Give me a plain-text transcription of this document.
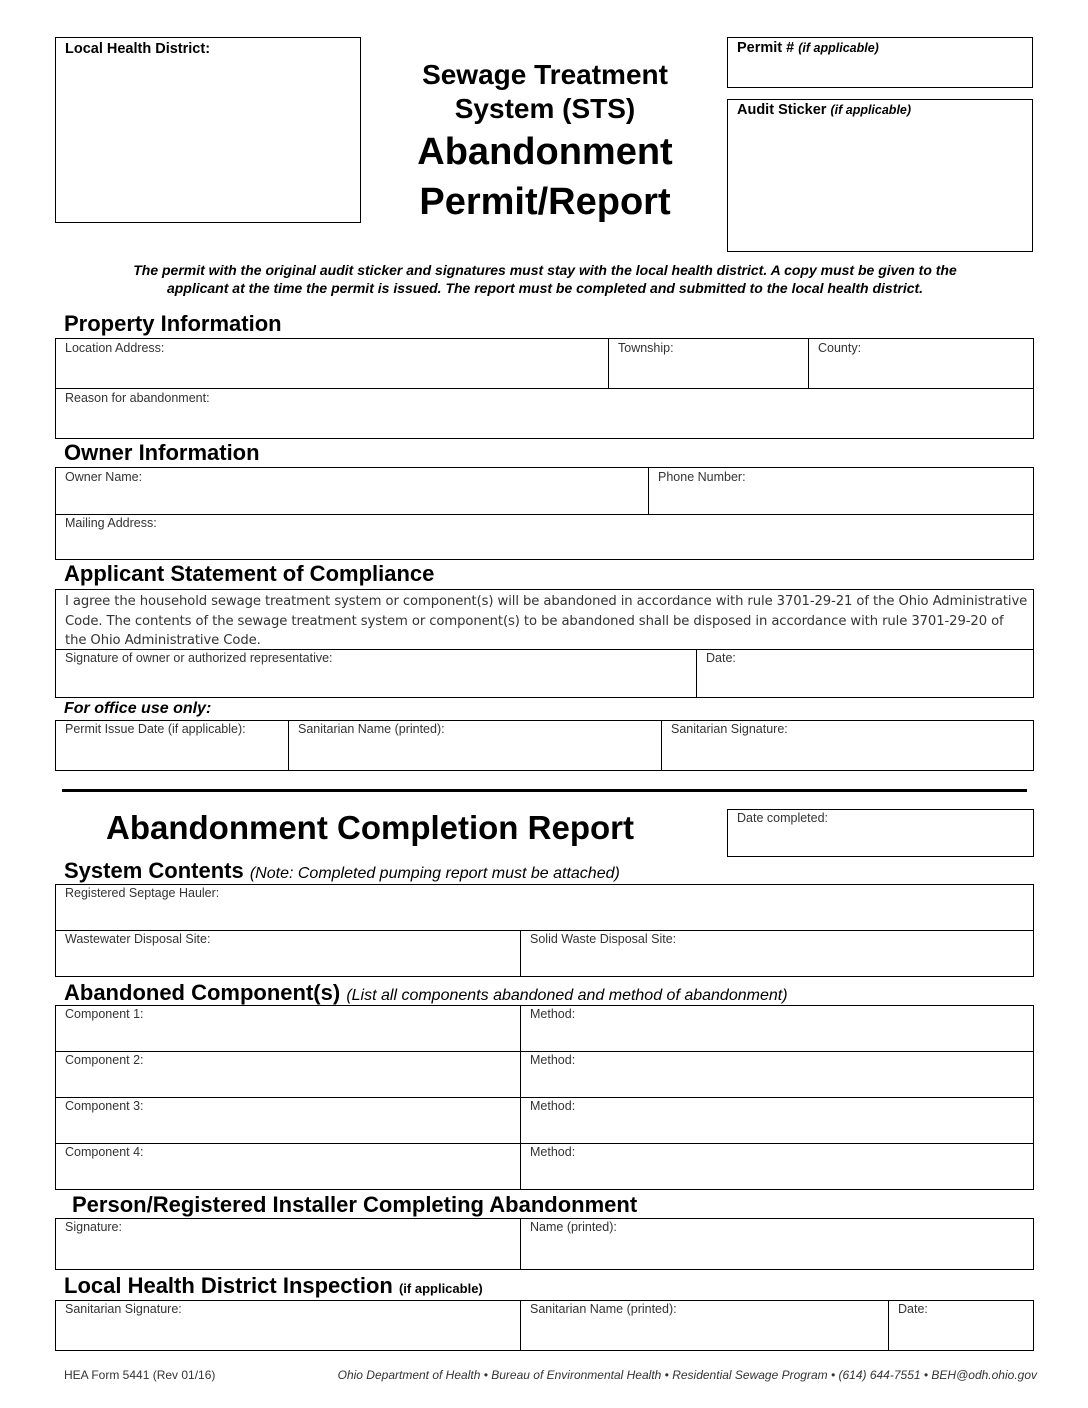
Local Health District:
Sewage Treatment
System (STS)
Abandonment
Permit/Report
Permit # (if applicable)
Audit Sticker (if applicable)
The permit with the original audit sticker and signatures must stay with the local health district. A copy must be given to the
applicant at the time the permit is issued. The report must be completed and submitted to the local health district.
Property Information
Location Address:	Township:	County:
Reason for abandonment:
Owner Information
Owner Name:	Phone Number:
Mailing Address:
Applicant Statement of Compliance
I agree the household sewage treatment system or component(s) will be abandoned in accordance with rule 3701-29-21 of the Ohio Administrative
Code. The contents of the sewage treatment system or component(s) to be abandoned shall be disposed in accordance with rule 3701-29-20 of
the Ohio Administrative Code.
Signature of owner or authorized representative:	Date:
For office use only:
Permit Issue Date (if applicable):	Sanitarian Name (printed):	Sanitarian Signature:
Abandonment Completion Report	Date completed:
System Contents (Note: Completed pumping report must be attached)
Registered Septage Hauler:
Wastewater Disposal Site:	Solid Waste Disposal Site:
Abandoned Component(s) (List all components abandoned and method of abandonment)
Component 1:	Method:
Component 2:	Method:
Component 3:	Method:
Component 4:	Method:
Person/Registered Installer Completing Abandonment
Signature:	Name (printed):
Local Health District Inspection (if applicable)
Sanitarian Signature:	Sanitarian Name (printed):	Date:
HEA Form 5441 (Rev 01/16)	Ohio Department of Health • Bureau of Environmental Health • Residential Sewage Program • (614) 644-7551 • BEH@odh.ohio.gov
